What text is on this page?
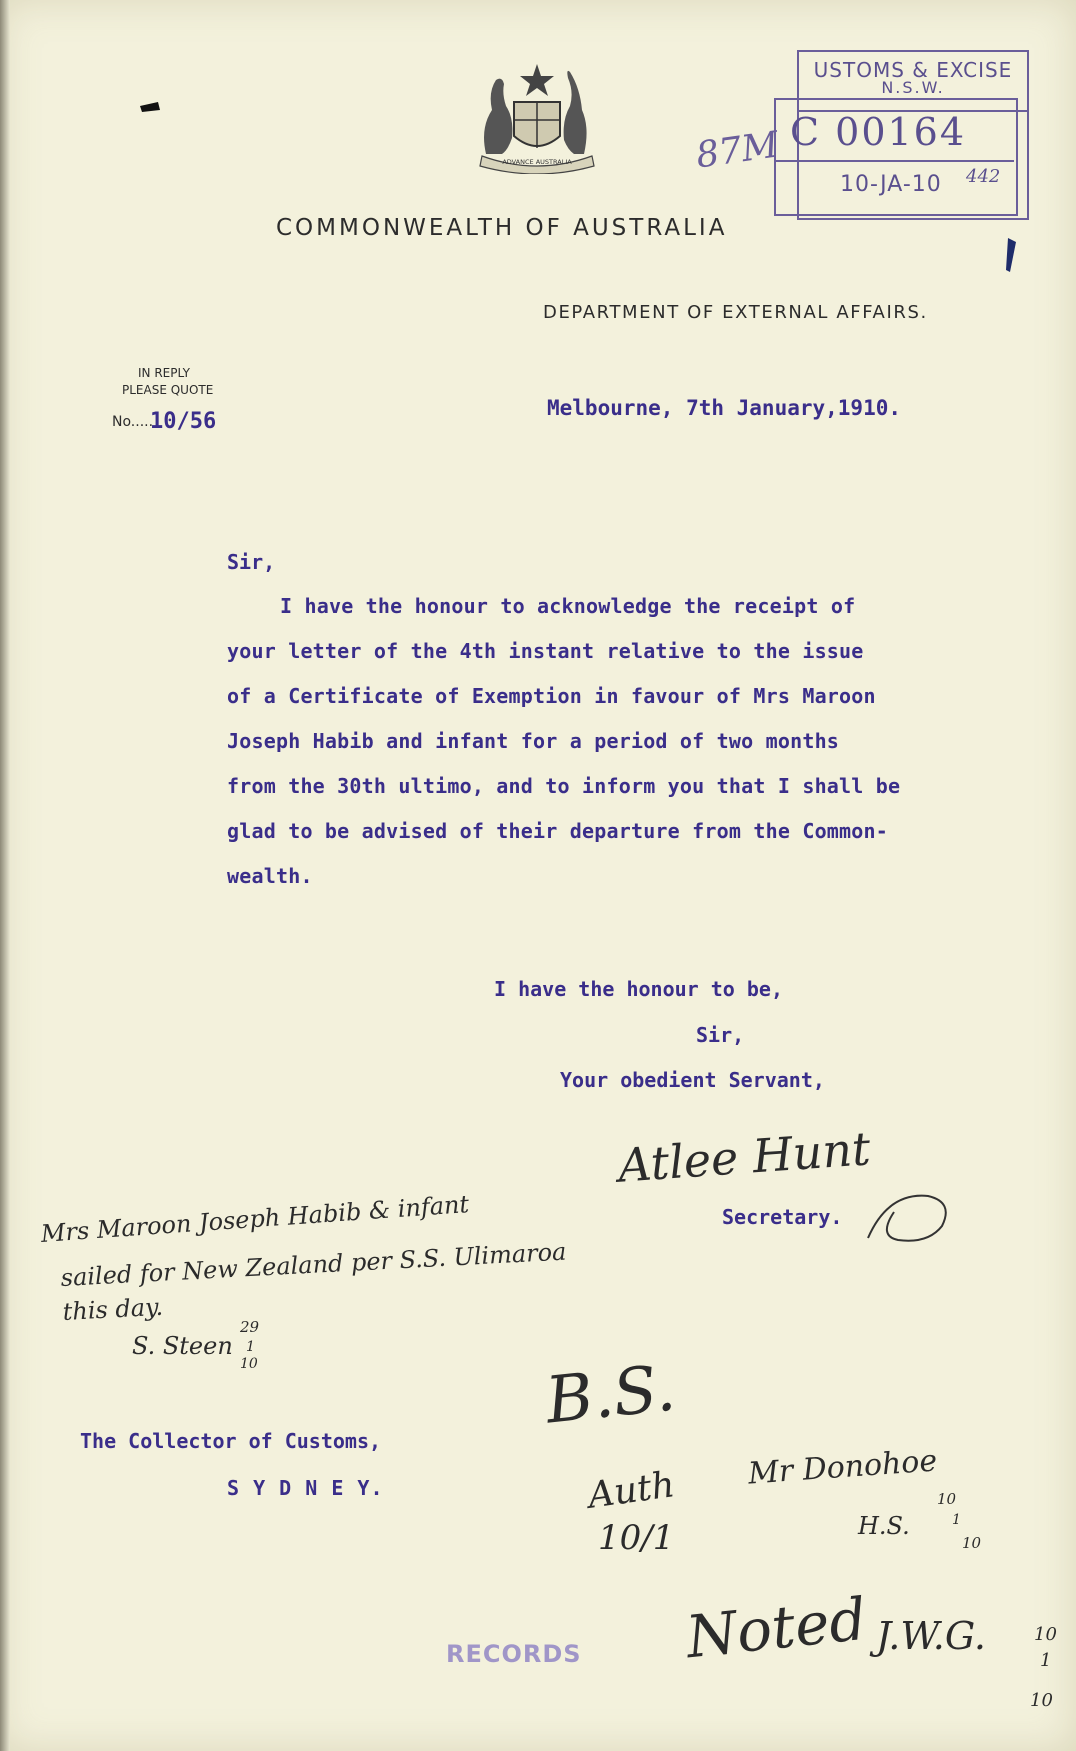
ADVANCE AUSTRALIA
COMMONWEALTH OF AUSTRALIA
DEPARTMENT OF EXTERNAL AFFAIRS.
USTOMS & EXCISE
N.S.W.
C 00164
10-JA-10 442
87M
IN REPLY
PLEASE QUOTE
No.....
10/56
Melbourne, 7th January,1910.
Sir,
I have the honour to acknowledge the receipt of
your letter of the 4th instant relative to the issue
of a Certificate of Exemption in favour of Mrs Maroon
Joseph Habib and infant for a period of two months
from the 30th ultimo, and to inform you that I shall be
glad to be advised of their departure from the Common-
wealth.
I have the honour to be,
Sir,
Your obedient Servant,
Atlee Hunt
Secretary.
Mrs Maroon Joseph Habib & infant
sailed for New Zealand per S.S. Ulimaroa
this day.
S. Steen
29
1
10
The Collector of Customs,
S Y D N E Y.
B.S.
Auth
10/1
Mr Donohoe
H.S.
10
1
10
Noted J.W.G.	10
1
10
RECORDS
